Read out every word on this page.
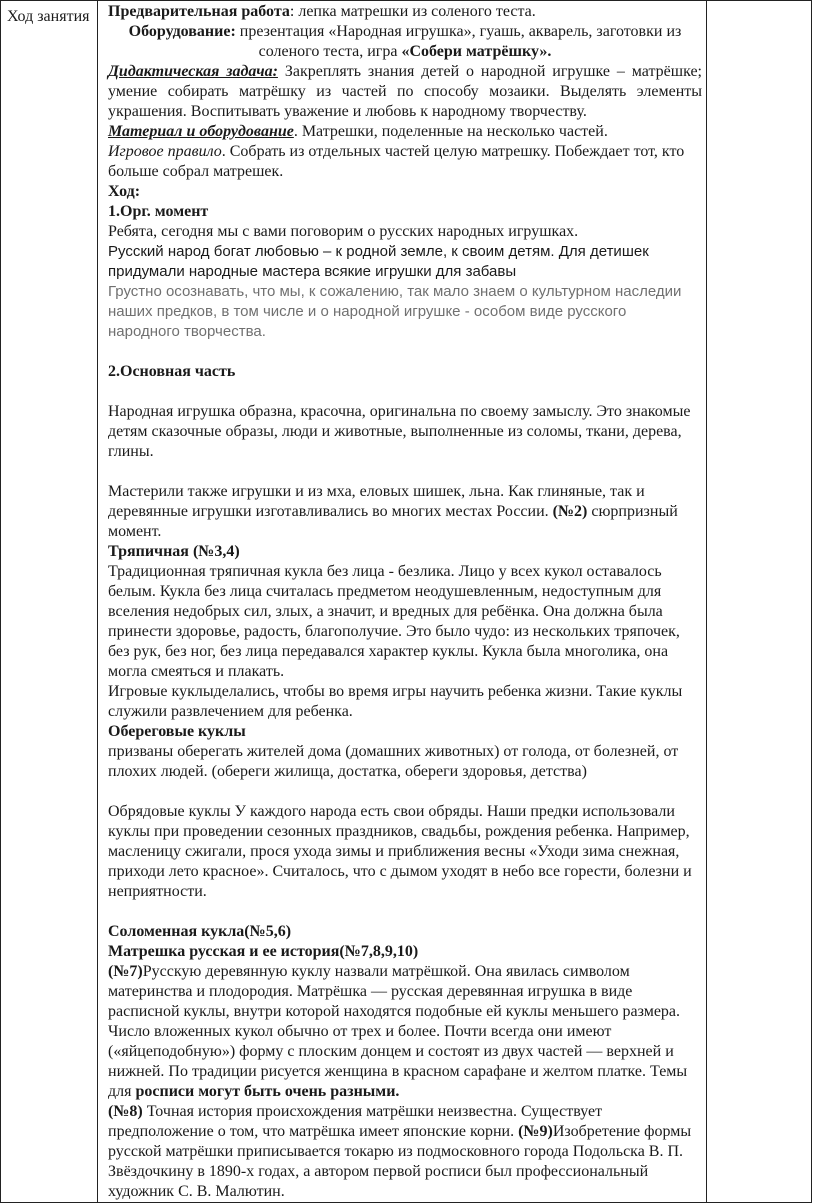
Ход занятия	Предварительная работа: лепка матрешки из соленого теста.

Оборудование: презентация «Народная игрушка», гуашь, акварель, заготовки из соленого теста, игра «Собери матрёшку».

Дидактическая задача: Закреплять знания детей о народной игрушке – матрёшке; умение собирать матрёшку из частей по способу мозаики. Выделять элементы украшения. Воспитывать уважение и любовь к народному творчеству.

Материал и оборудование. Матрешки, поделенные на несколько частей.

Игровое правило. Собрать из отдельных частей целую матрешку. Побеждает тот, кто больше собрал матрешек.

Ход:

1.Орг. момент

Ребята, сегодня мы с вами поговорим о русских народных игрушках.

Русский народ богат любовью – к родной земле, к своим детям. Для детишек придумали народные мастера всякие игрушки для забавы

Грустно осознавать, что мы, к сожалению, так мало знаем о культурном наследии наших предков, в том числе и о народной игрушке - особом виде русского народного творчества.

2.Основная часть

Народная игрушка образна, красочна, оригинальна по своему замыслу. Это знакомые детям сказочные образы, люди и животные, выполненные из соломы, ткани, дерева, глины.

Мастерили также игрушки и из мха, еловых шишек, льна. Как глиняные, так и деревянные игрушки изготавливались во многих местах России. (№2) сюрпризный момент.

Тряпичная (№3,4)

Традиционная тряпичная кукла без лица - безлика. Лицо у всех кукол оставалось белым. Кукла без лица считалась предметом неодушевленным, недоступным для вселения недобрых сил, злых, а значит, и вредных для ребёнка. Она должна была принести здоровье, радость, благополучие. Это было чудо: из нескольких тряпочек, без рук, без ног, без лица передавался характер куклы. Кукла была многолика, она могла смеяться и плакать.

Игровые куклыделались, чтобы во время игры научить ребенка жизни. Такие куклы служили развлечением для ребенка.

Обереговые куклы

призваны оберегать жителей дома (домашних животных) от голода, от болезней, от плохих людей. (обереги жилища, достатка, обереги здоровья, детства)

Обрядовые куклы У каждого народа есть свои обряды. Наши предки использовали куклы при проведении сезонных праздников, свадьбы, рождения ребенка. Например, масленицу сжигали, прося ухода зимы и приближения весны «Уходи зима снежная, приходи лето красное». Считалось, что с дымом уходят в небо все горести, болезни и неприятности.

Соломенная кукла(№5,6)

Матрешка русская и ее история(№7,8,9,10)

(№7)Русскую деревянную куклу назвали матрёшкой. Она явилась символом материнства и плодородия. Матрёшка — русская деревянная игрушка в виде расписной куклы, внутри которой находятся подобные ей куклы меньшего размера. Число вложенных кукол обычно от трех и более. Почти всегда они имеют («яйцеподобную») форму с плоским донцем и состоят из двух частей — верхней и нижней. По традиции рисуется женщина в красном сарафане и желтом платке. Темы для росписи могут быть очень разными.

(№8) Точная история происхождения матрёшки неизвестна. Существует предположение о том, что матрёшка имеет японские корни. (№9)Изобретение формы русской матрёшки приписывается токарю из подмосковного города Подольска В. П. Звёздочкину в 1890-х годах, а автором первой росписи был профессиональный художник С. В. Малютин.
